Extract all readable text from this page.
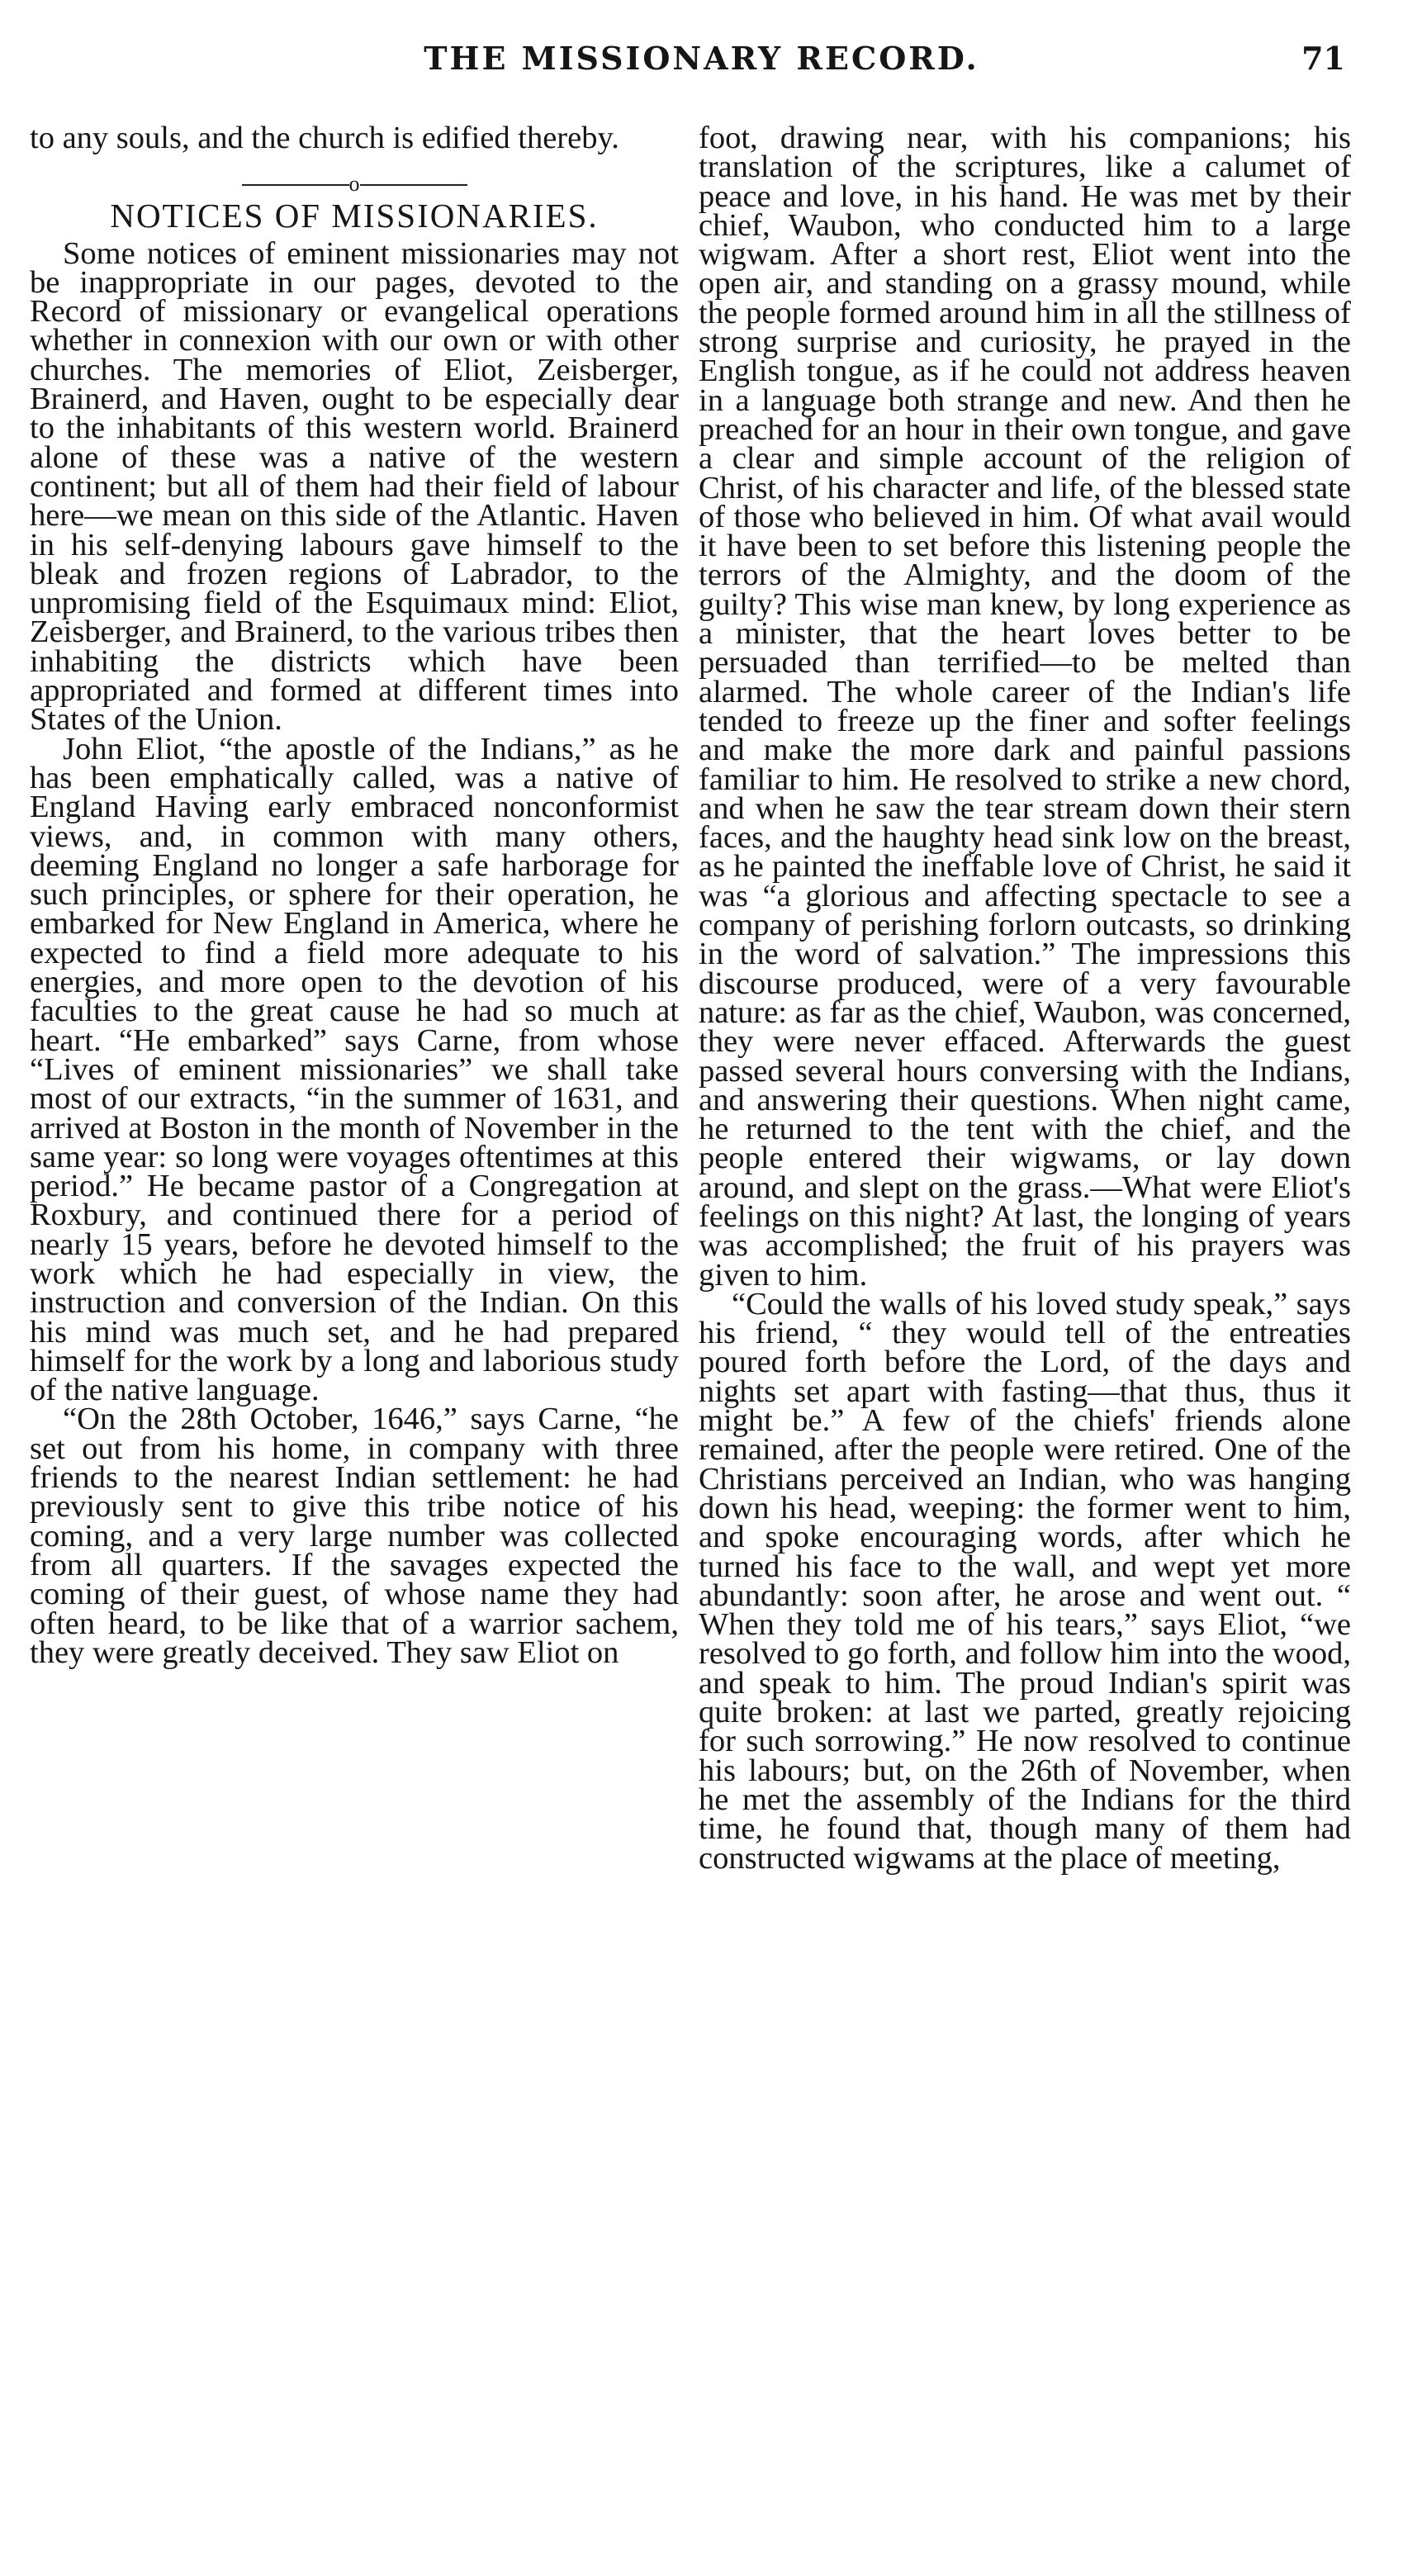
THE MISSIONARY RECORD.	71

to any souls, and the church is edified thereby.

o
NOTICES OF MISSIONARIES.

Some notices of eminent missionaries may not be inappropriate in our pages, devoted to the Record of missionary or evangelical operations whether in connexion with our own or with other churches. The memories of Eliot, Zeisberger, Brainerd, and Haven, ought to be especially dear to the inhabitants of this western world. Brainerd alone of these was a native of the western continent; but all of them had their field of labour here—we mean on this side of the Atlantic. Haven in his self-denying labours gave himself to the bleak and frozen regions of Labrador, to the unpromising field of the Esquimaux mind: Eliot, Zeisberger, and Brainerd, to the various tribes then inhabiting the districts which have been appropriated and formed at different times into States of the Union.

John Eliot, “the apostle of the Indians,” as he has been emphatically called, was a native of England Having early embraced nonconformist views, and, in common with many others, deeming England no longer a safe harborage for such principles, or sphere for their operation, he embarked for New England in America, where he expected to find a field more adequate to his energies, and more open to the devotion of his faculties to the great cause he had so much at heart. “He embarked” says Carne, from whose “Lives of eminent missionaries” we shall take most of our extracts, “in the summer of 1631, and arrived at Boston in the month of November in the same year: so long were voyages oftentimes at this period.” He became pastor of a Congregation at Roxbury, and continued there for a period of nearly 15 years, before he devoted himself to the work which he had especially in view, the instruction and conversion of the Indian. On this his mind was much set, and he had prepared himself for the work by a long and laborious study of the native language.

“On the 28th October, 1646,” says Carne, “he set out from his home, in company with three friends to the nearest Indian settlement: he had previously sent to give this tribe notice of his coming, and a very large number was collected from all quarters. If the savages expected the coming of their guest, of whose name they had often heard, to be like that of a warrior sachem, they were greatly deceived. They saw Eliot on

foot, drawing near, with his companions; his translation of the scriptures, like a calumet of peace and love, in his hand. He was met by their chief, Waubon, who conducted him to a large wigwam. After a short rest, Eliot went into the open air, and standing on a grassy mound, while the people formed around him in all the stillness of strong surprise and curiosity, he prayed in the English tongue, as if he could not address heaven in a language both strange and new. And then he preached for an hour in their own tongue, and gave a clear and simple account of the religion of Christ, of his character and life, of the blessed state of those who believed in him. Of what avail would it have been to set before this listening people the terrors of the Almighty, and the doom of the guilty? This wise man knew, by long experience as a minister, that the heart loves better to be persuaded than terrified—to be melted than alarmed. The whole career of the Indian's life tended to freeze up the finer and softer feelings and make the more dark and painful passions familiar to him. He resolved to strike a new chord, and when he saw the tear stream down their stern faces, and the haughty head sink low on the breast, as he painted the ineffable love of Christ, he said it was “a glorious and affecting spectacle to see a company of perishing forlorn outcasts, so drinking in the word of salvation.” The impressions this discourse produced, were of a very favourable nature: as far as the chief, Waubon, was concerned, they were never effaced. Afterwards the guest passed several hours conversing with the Indians, and answering their questions. When night came, he returned to the tent with the chief, and the people entered their wigwams, or lay down around, and slept on the grass.—What were Eliot's feelings on this night? At last, the longing of years was accomplished; the fruit of his prayers was given to him.

“Could the walls of his loved study speak,” says his friend, “ they would tell of the entreaties poured forth before the Lord, of the days and nights set apart with fasting—that thus, thus it might be.” A few of the chiefs' friends alone remained, after the people were retired. One of the Christians perceived an Indian, who was hanging down his head, weeping: the former went to him, and spoke encouraging words, after which he turned his face to the wall, and wept yet more abundantly: soon after, he arose and went out. “ When they told me of his tears,” says Eliot, “we resolved to go forth, and follow him into the wood, and speak to him. The proud Indian's spirit was quite broken: at last we parted, greatly rejoicing for such sorrowing.” He now resolved to continue his labours; but, on the 26th of November, when he met the assembly of the Indians for the third time, he found that, though many of them had constructed wigwams at the place of meeting,
